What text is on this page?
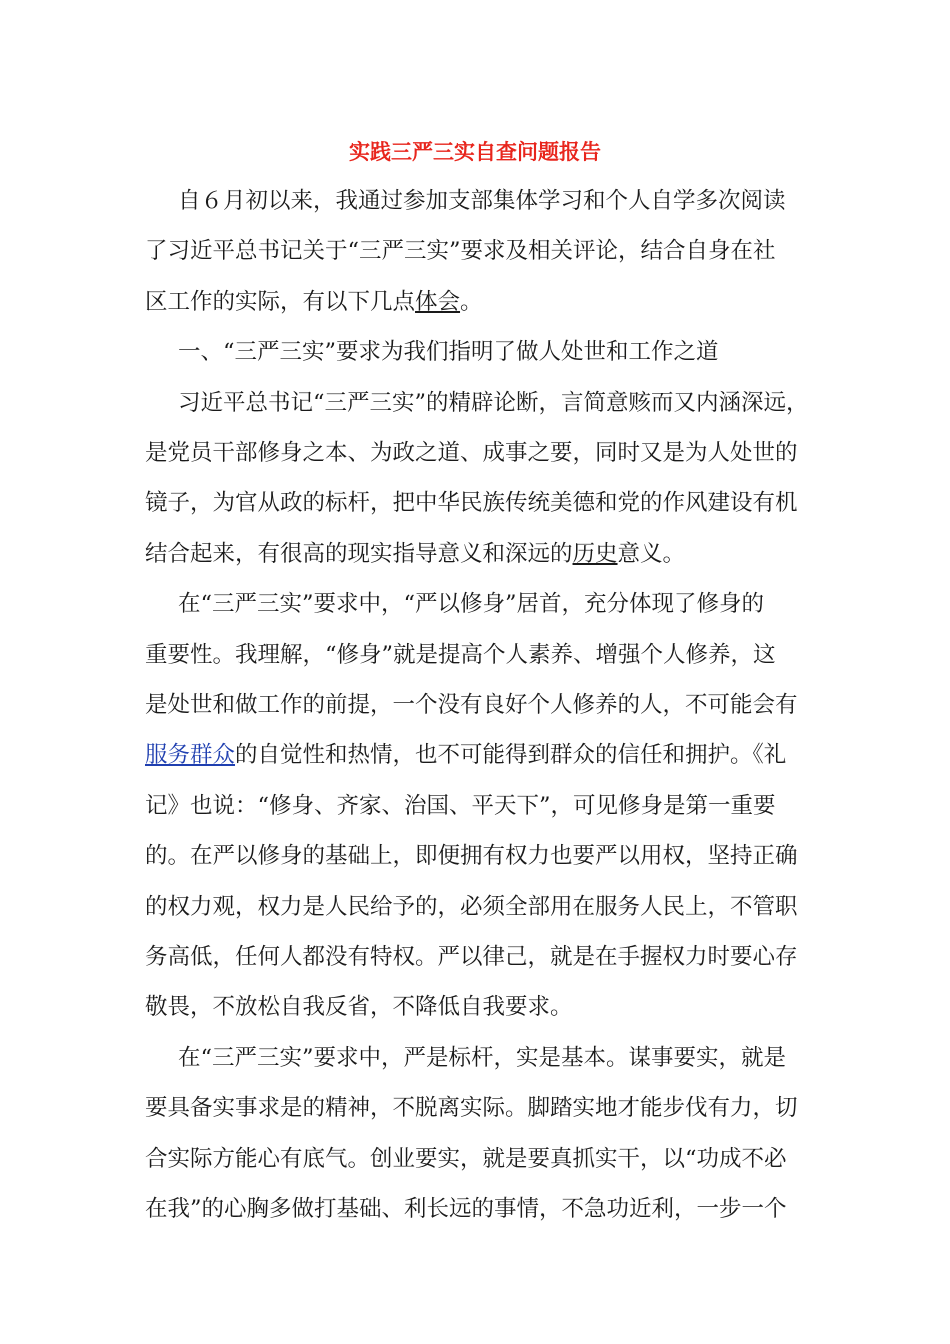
实践三严三实自查问题报告
自６月初以来，我通过参加支部集体学习和个人自学多次阅读
了习近平总书记关于“三严三实”要求及相关评论，结合自身在社
区工作的实际，有以下几点体会。
一、“三严三实”要求为我们指明了做人处世和工作之道
习近平总书记“三严三实”的精辟论断，言简意赅而又内涵深远，
是党员干部修身之本、为政之道、成事之要，同时又是为人处世的
镜子，为官从政的标杆，把中华民族传统美德和党的作风建设有机
结合起来，有很高的现实指导意义和深远的历史意义。
在“三严三实”要求中，“严以修身”居首，充分体现了修身的
重要性。我理解，“修身”就是提高个人素养、增强个人修养，这
是处世和做工作的前提，一个没有良好个人修养的人，不可能会有
服务群众的自觉性和热情，也不可能得到群众的信任和拥护。《礼
记》也说：“修身、齐家、治国、平天下”，可见修身是第一重要
的。在严以修身的基础上，即便拥有权力也要严以用权，坚持正确
的权力观，权力是人民给予的，必须全部用在服务人民上，不管职
务高低，任何人都没有特权。严以律己，就是在手握权力时要心存
敬畏，不放松自我反省，不降低自我要求。
在“三严三实”要求中，严是标杆，实是基本。谋事要实，就是
要具备实事求是的精神，不脱离实际。脚踏实地才能步伐有力，切
合实际方能心有底气。创业要实，就是要真抓实干，以“功成不必
在我”的心胸多做打基础、利长远的事情，不急功近利，一步一个
